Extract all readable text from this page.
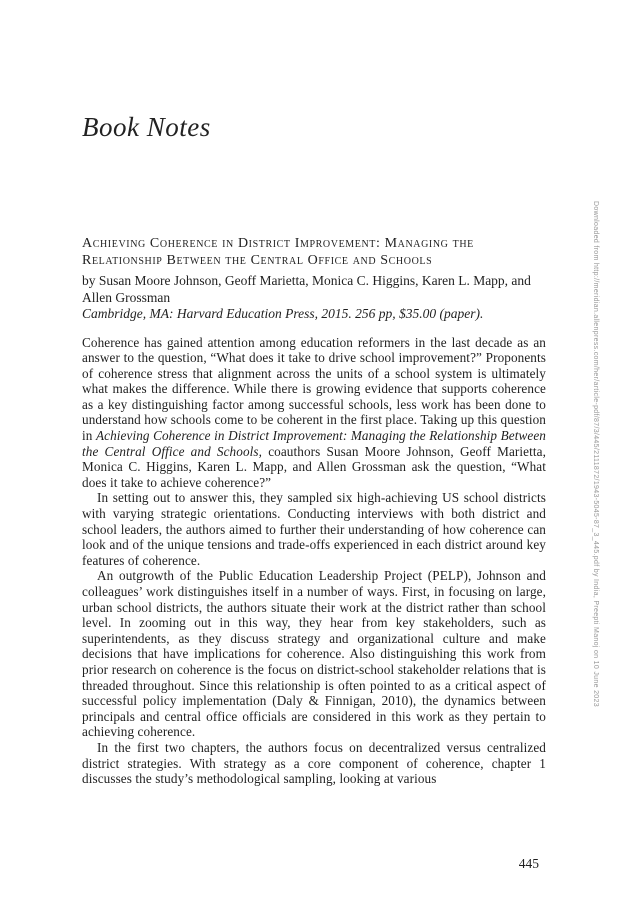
Downloaded from http://meridian.allenpress.com/her/article-pdf/87/3/445/2111872/1943-5045-87_3_445.pdf by India, Preepti Manoj on 10 June 2023
Book Notes
Achieving Coherence in District Improvement: Managing the Relationship Between the Central Office and Schools

by Susan Moore Johnson, Geoff Marietta, Monica C. Higgins, Karen L. Mapp, and Allen Grossman

Cambridge, MA: Harvard Education Press, 2015. 256 pp, $35.00 (paper).

Coherence has gained attention among education reformers in the last decade as an answer to the question, “What does it take to drive school improvement?” Proponents of coherence stress that alignment across the units of a school system is ultimately what makes the difference. While there is growing evidence that supports coherence as a key distinguishing factor among successful schools, less work has been done to understand how schools come to be coherent in the first place. Taking up this question in Achieving Coherence in District Improvement: Managing the Relationship Between the Central Office and Schools, coauthors Susan Moore Johnson, Geoff Marietta, Monica C. Higgins, Karen L. Mapp, and Allen Grossman ask the question, “What does it take to achieve coherence?”

In setting out to answer this, they sampled six high-achieving US school districts with varying strategic orientations. Conducting interviews with both district and school leaders, the authors aimed to further their understanding of how coherence can look and of the unique tensions and trade-offs experienced in each district around key features of coherence.

An outgrowth of the Public Education Leadership Project (PELP), Johnson and colleagues’ work distinguishes itself in a number of ways. First, in focusing on large, urban school districts, the authors situate their work at the district rather than school level. In zooming out in this way, they hear from key stakeholders, such as superintendents, as they discuss strategy and organizational culture and make decisions that have implications for coherence. Also distinguishing this work from prior research on coherence is the focus on district-school stakeholder relations that is threaded throughout. Since this relationship is often pointed to as a critical aspect of successful policy implementation (Daly & Finnigan, 2010), the dynamics between principals and central office officials are considered in this work as they pertain to achieving coherence.

In the first two chapters, the authors focus on decentralized versus centralized district strategies. With strategy as a core component of coherence, chapter 1 discusses the study’s methodological sampling, looking at various

445
